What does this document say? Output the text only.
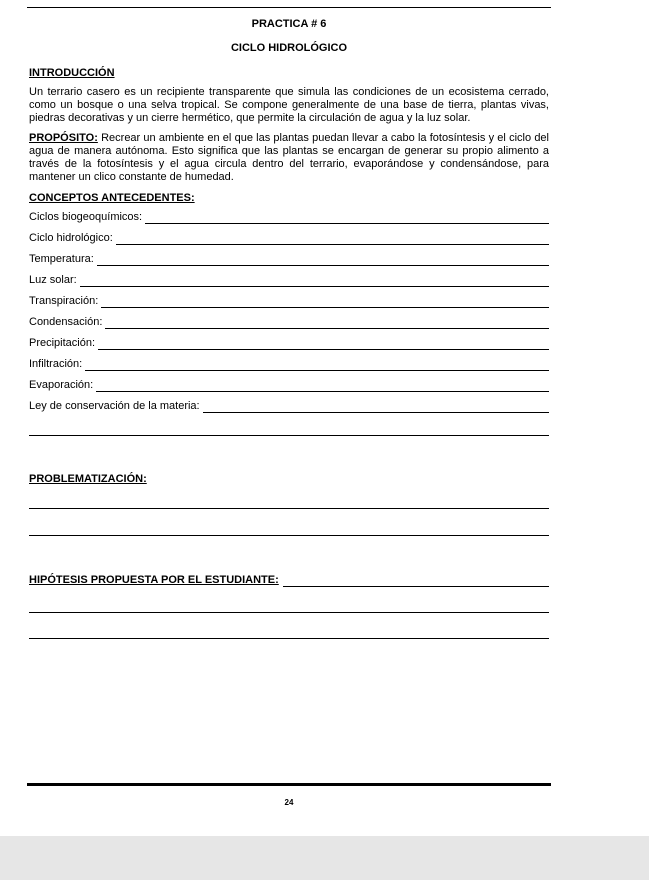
PRACTICA # 6
CICLO HIDROLÓGICO
INTRODUCCIÓN
Un terrario casero es un recipiente transparente que simula las condiciones de un ecosistema cerrado, como un bosque o una selva tropical. Se compone generalmente de una base de tierra, plantas vivas, piedras decorativas y un cierre hermético, que permite la circulación de agua y la luz solar.
PROPÓSITO: Recrear un ambiente en el que las plantas puedan llevar a cabo la fotosíntesis y el ciclo del agua de manera autónoma. Esto significa que las plantas se encargan de generar su propio alimento a través de la fotosíntesis y el agua circula dentro del terrario, evaporándose y condensándose, para mantener un clico constante de humedad.
CONCEPTOS ANTECEDENTES:
Ciclos biogeoquímicos:
Ciclo hidrológico:
Temperatura:
Luz solar:
Transpiración:
Condensación:
Precipitación:
Infiltración:
Evaporación:
Ley de conservación de la materia:
PROBLEMATIZACIÓN:
HIPÓTESIS PROPUESTA POR EL ESTUDIANTE:
24
